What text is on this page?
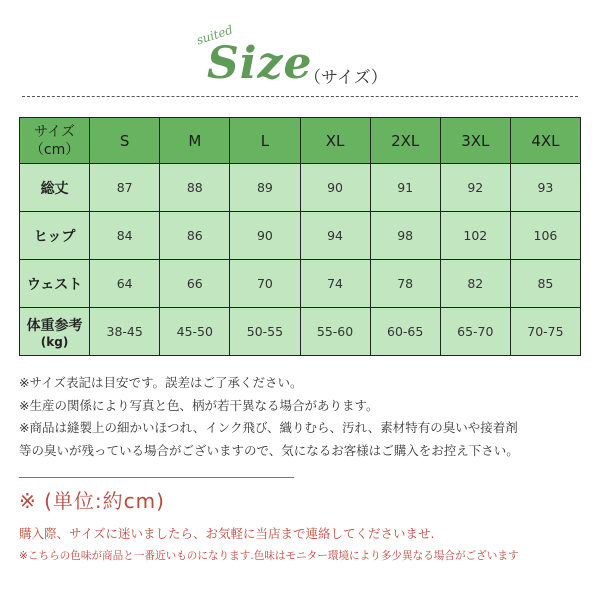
suited
Size
（サイズ）
サイズ
（cm）	S	M	L	XL	2XL	3XL	4XL
総丈	87	88	89	90	91	92	93
ヒップ	84	86	90	94	98	102	106
ウェスト	64	66	70	74	78	82	85
体重参考
(kg)	38-45	45-50	50-55	55-60	60-65	65-70	70-75
※サイズ表記は目安です。誤差はご了承ください。
※生産の関係により写真と色、柄が若干異なる場合があります。
※商品は縫製上の細かいほつれ、インク飛び、織りむら、汚れ、素材特有の臭いや接着剤
等の臭いが残っている場合がございますので、気になるお客様はご購入をお控え下さい。
※ (単位:約cm)
購入際、サイズに迷いましたら、お気軽に当店まで連絡してくださいませ.
※こちらの色味が商品と一番近いものになります.色味はモニター環境により多少異なる場合がございます
